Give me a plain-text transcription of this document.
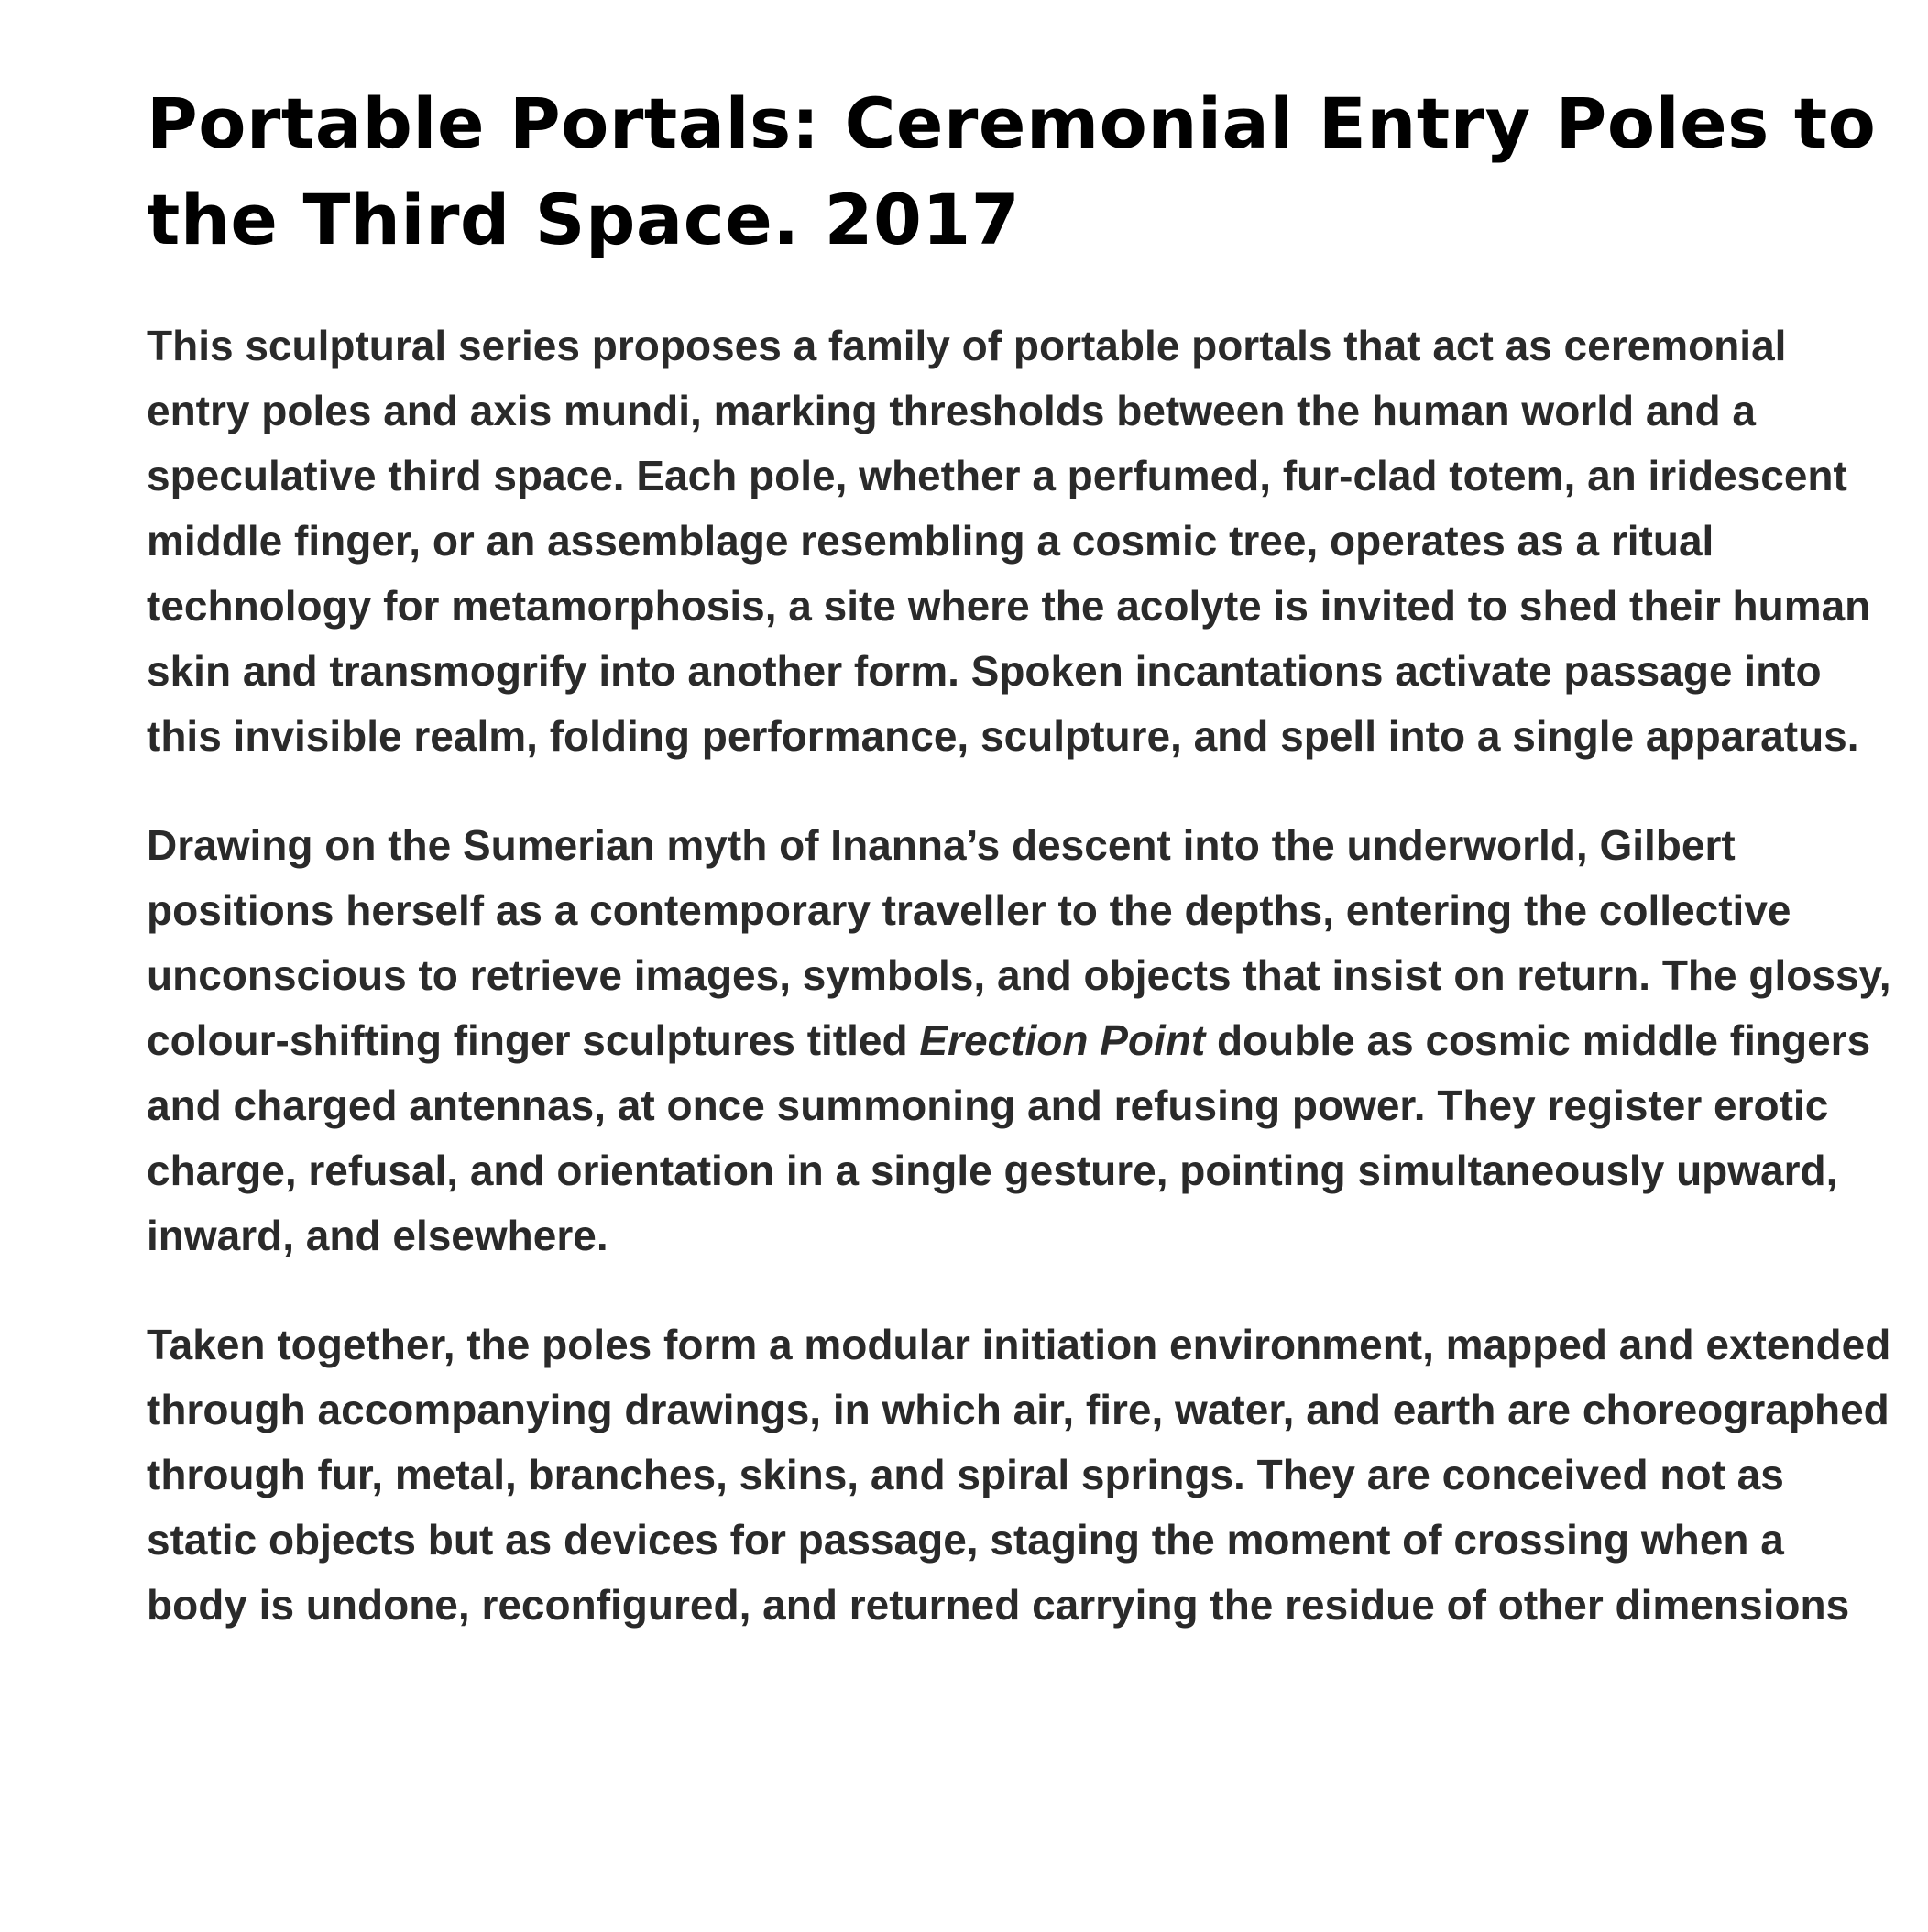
Portable Portals: Ceremonial Entry Poles to the Third Space. 2017

This sculptural series proposes a family of portable portals that act as ceremonial entry poles and axis mundi, marking thresholds between the human world and a speculative third space. Each pole, whether a perfumed, fur-clad totem, an iridescent middle finger, or an assemblage resembling a cosmic tree, operates as a ritual technology for metamorphosis, a site where the acolyte is invited to shed their human skin and transmogrify into another form. Spoken incantations activate passage into this invisible realm, folding performance, sculpture, and spell into a single apparatus.

Drawing on the Sumerian myth of Inanna’s descent into the underworld, Gilbert positions herself as a contemporary traveller to the depths, entering the collective unconscious to retrieve images, symbols, and objects that insist on return. The glossy, colour-shifting finger sculptures titled Erection Point double as cosmic middle fingers and charged antennas, at once summoning and refusing power. They register erotic charge, refusal, and orientation in a single gesture, pointing simultaneously upward, inward, and elsewhere.

Taken together, the poles form a modular initiation environment, mapped and extended through accompanying drawings, in which air, fire, water, and earth are choreographed through fur, metal, branches, skins, and spiral springs. They are conceived not as static objects but as devices for passage, staging the moment of crossing when a body is undone, reconfigured, and returned carrying the residue of other dimensions
